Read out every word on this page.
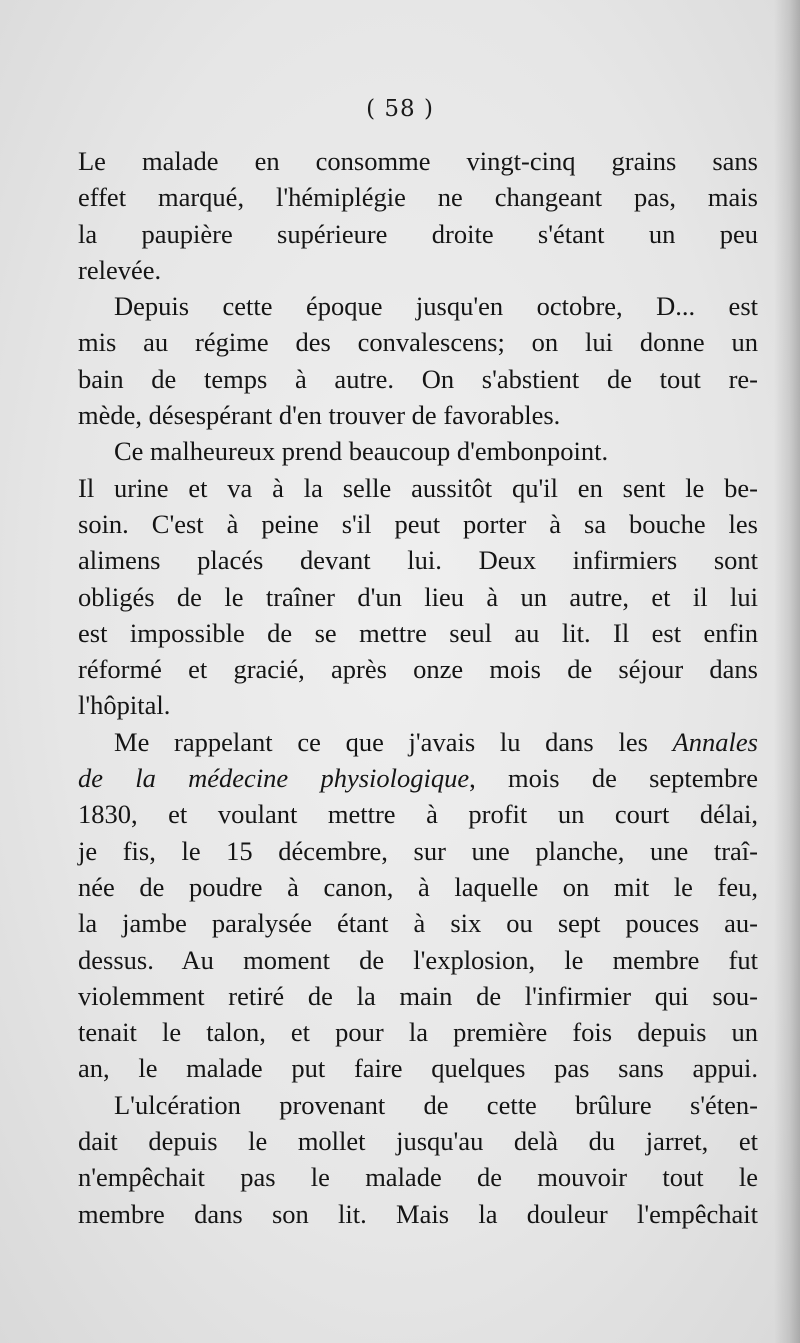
( 58 )
Le malade en consomme vingt-cinq grains sans
effet marqué, l'hémiplégie ne changeant pas, mais
la paupière supérieure droite s'étant un peu
relevée.
Depuis cette époque jusqu'en octobre, D... est
mis au régime des convalescens; on lui donne un
bain de temps à autre. On s'abstient de tout re-
mède, désespérant d'en trouver de favorables.
Ce malheureux prend beaucoup d'embonpoint.
Il urine et va à la selle aussitôt qu'il en sent le be-
soin. C'est à peine s'il peut porter à sa bouche les
alimens placés devant lui. Deux infirmiers sont
obligés de le traîner d'un lieu à un autre, et il lui
est impossible de se mettre seul au lit. Il est enfin
réformé et gracié, après onze mois de séjour dans
l'hôpital.
Me rappelant ce que j'avais lu dans les Annales
de la médecine physiologique, mois de septembre
1830, et voulant mettre à profit un court délai,
je fis, le 15 décembre, sur une planche, une traî-
née de poudre à canon, à laquelle on mit le feu,
la jambe paralysée étant à six ou sept pouces au-
dessus. Au moment de l'explosion, le membre fut
violemment retiré de la main de l'infirmier qui sou-
tenait le talon, et pour la première fois depuis un
an, le malade put faire quelques pas sans appui.
L'ulcération provenant de cette brûlure s'éten-
dait depuis le mollet jusqu'au delà du jarret, et
n'empêchait pas le malade de mouvoir tout le
membre dans son lit. Mais la douleur l'empêchait
